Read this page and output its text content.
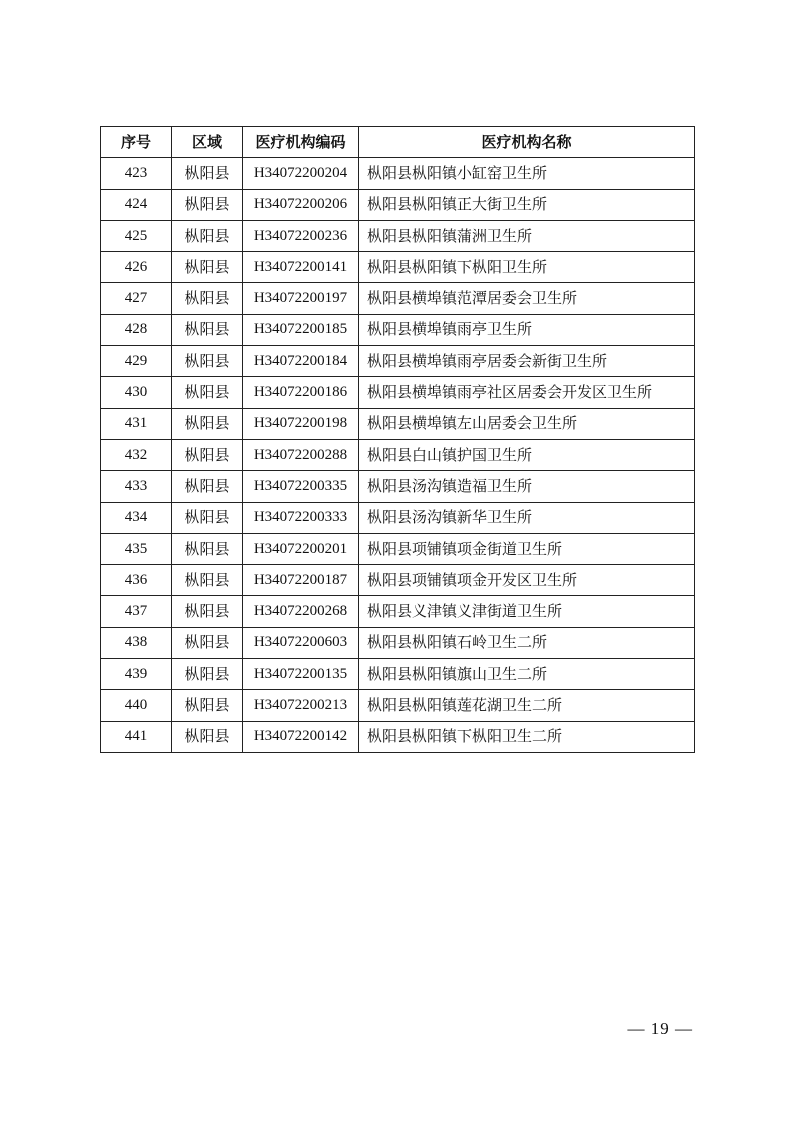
序号	区域	医疗机构编码	医疗机构名称
423	枞阳县	H34072200204	枞阳县枞阳镇小缸窑卫生所
424	枞阳县	H34072200206	枞阳县枞阳镇正大街卫生所
425	枞阳县	H34072200236	枞阳县枞阳镇蒲洲卫生所
426	枞阳县	H34072200141	枞阳县枞阳镇下枞阳卫生所
427	枞阳县	H34072200197	枞阳县横埠镇范潭居委会卫生所
428	枞阳县	H34072200185	枞阳县横埠镇雨亭卫生所
429	枞阳县	H34072200184	枞阳县横埠镇雨亭居委会新街卫生所
430	枞阳县	H34072200186	枞阳县横埠镇雨亭社区居委会开发区卫生所
431	枞阳县	H34072200198	枞阳县横埠镇左山居委会卫生所
432	枞阳县	H34072200288	枞阳县白山镇护国卫生所
433	枞阳县	H34072200335	枞阳县汤沟镇造福卫生所
434	枞阳县	H34072200333	枞阳县汤沟镇新华卫生所
435	枞阳县	H34072200201	枞阳县项铺镇项金街道卫生所
436	枞阳县	H34072200187	枞阳县项铺镇项金开发区卫生所
437	枞阳县	H34072200268	枞阳县义津镇义津街道卫生所
438	枞阳县	H34072200603	枞阳县枞阳镇石岭卫生二所
439	枞阳县	H34072200135	枞阳县枞阳镇旗山卫生二所
440	枞阳县	H34072200213	枞阳县枞阳镇莲花湖卫生二所
441	枞阳县	H34072200142	枞阳县枞阳镇下枞阳卫生二所
— 19 —
